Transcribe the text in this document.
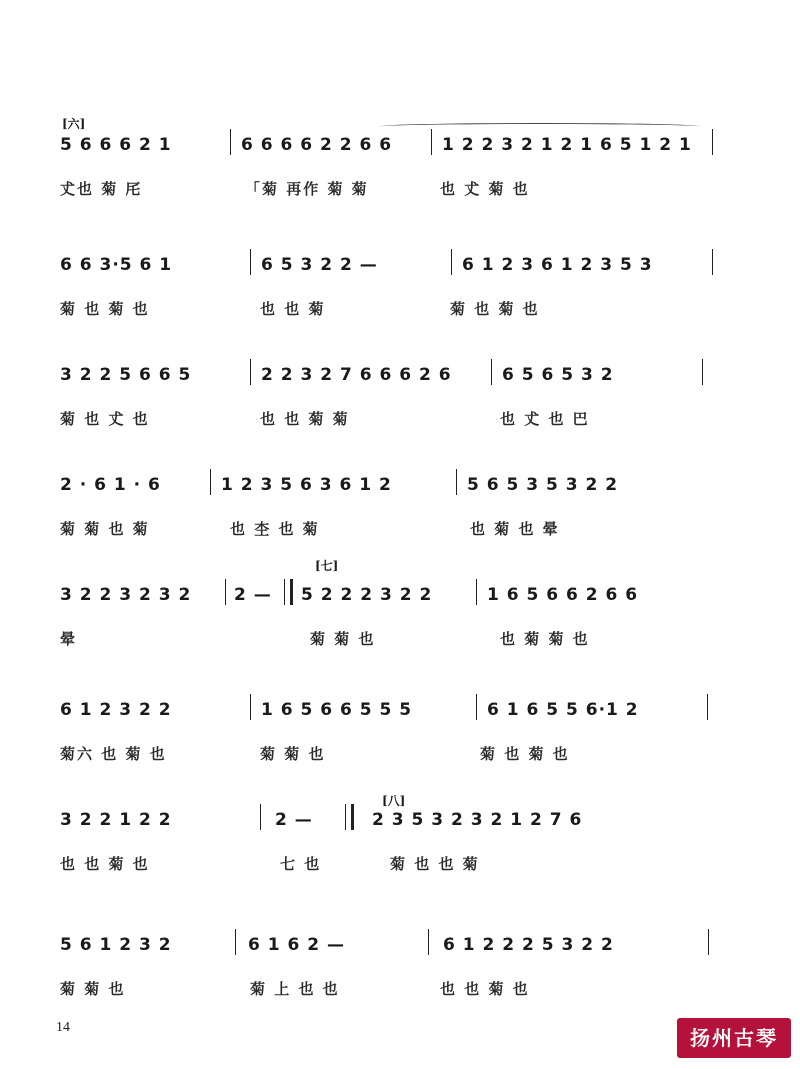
[六]
5 6 6 6 2 1	6 6 6 6 2 2 6 6	1 2 2 3 2 1 2 1 6 5 1 2 1
𠀋也 菊 厇	「菊 再作 菊 菊	也 𠀋 菊 也
6 6 3·5 6 1	6 5 3 2 2 —	6 1 2 3 6 1 2 3 5 3
菊 也 菊 也	也 也 菊	菊 也 菊 也
3 2 2 5 6 6 5	2 2 3 2 7 6 6 6 2 6	6 5 6 5 3 2
菊 也 𠀋 也	也 也 菊 菊	也 𠀋 也 巴
2 · 6 1 · 6	1 2 3 5 6 3 6 1 2	5 6 5 3 5 3 2 2
菊 菊 也 菊	也 杢 也 菊	也 菊 也 晕
[七]
3 2 2 3 2 3 2	2 —	5 2 2 2 3 2 2	1 6 5 6 6 2 6 6
晕	菊 菊 也	也 菊 菊 也
6 1 2 3 2 2	1 6 5 6 6 5 5 5	6 1 6 5 5 6·1 2
菊六 也 菊 也	菊 菊 也	菊 也 菊 也
[八]
3 2 2 1 2 2	2 —	2 3 5 3 2 3 2 1 2 7 6
也 也 菊 也	七 也	菊 也 也 菊
5 6 1 2 3 2	6 1 6 2 —	6 1 2 2 2 5 3 2 2
菊 菊 也	菊 上 也 也	也 也 菊 也
14	扬州古琴
